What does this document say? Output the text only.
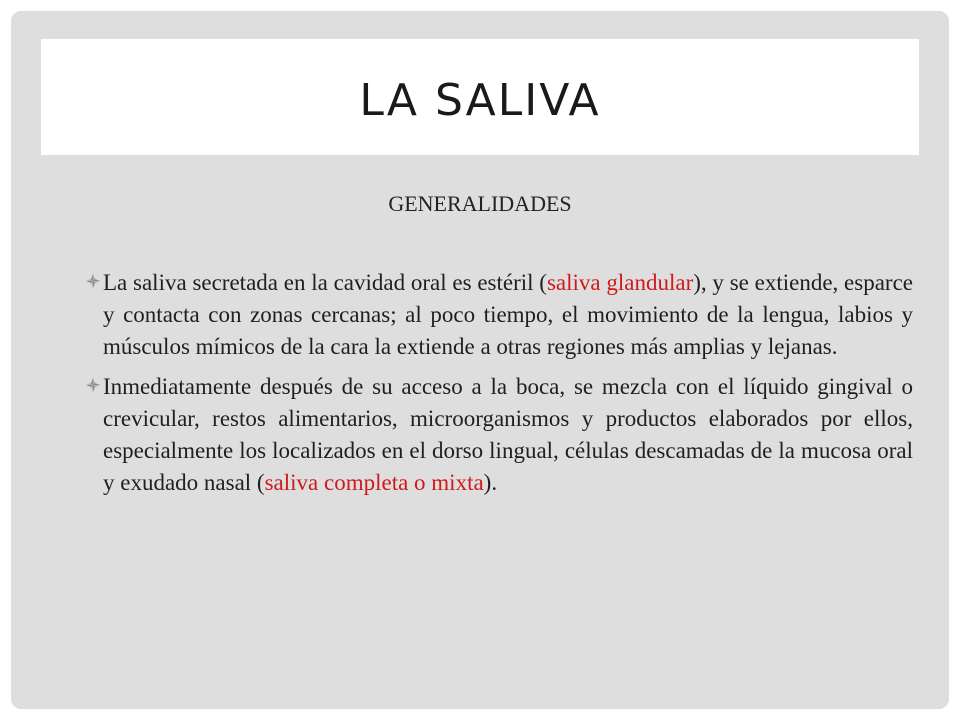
LA SALIVA
GENERALIDADES
La saliva secretada en la cavidad oral es estéril (saliva glandular), y se extiende, esparce y contacta con zonas cercanas; al poco tiempo, el movimiento de la lengua, labios y músculos mímicos de la cara la extiende a otras regiones más amplias y lejanas.
Inmediatamente después de su acceso a la boca, se mezcla con el líquido gingival o crevicular, restos alimentarios, microorganismos y productos elaborados por ellos, especialmente los localizados en el dorso lingual, células descamadas de la mucosa oral y exudado nasal (saliva completa o mixta).
